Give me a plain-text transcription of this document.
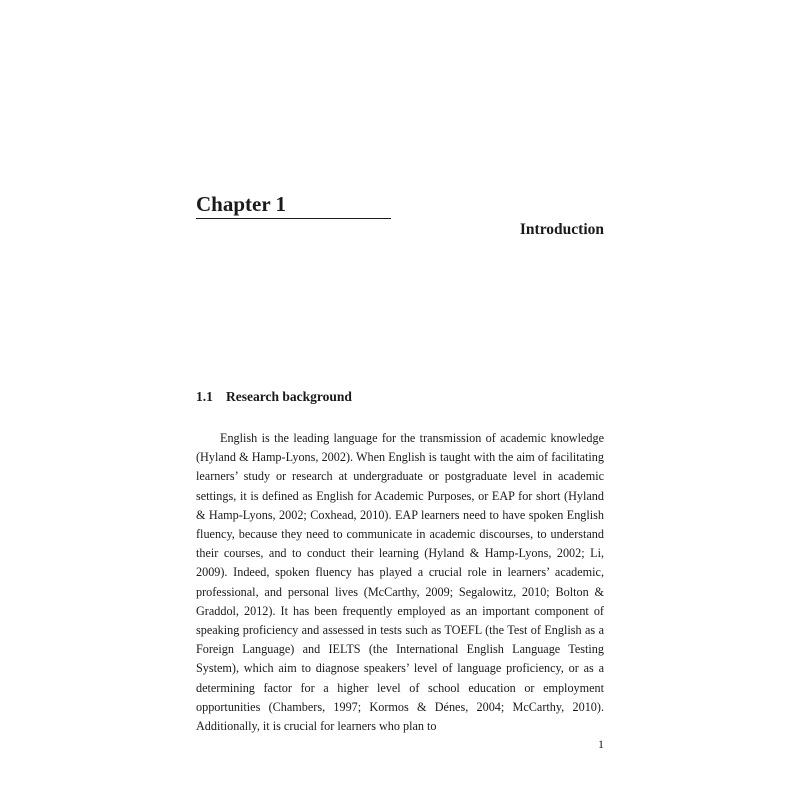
Chapter 1
Introduction
1.1 Research background

English is the leading language for the transmission of academic knowledge (Hyland & Hamp-Lyons, 2002). When English is taught with the aim of facilitating learners’ study or research at undergraduate or postgraduate level in academic settings, it is defined as English for Academic Purposes, or EAP for short (Hyland & Hamp-Lyons, 2002; Coxhead, 2010). EAP learners need to have spoken English fluency, because they need to communicate in academic discourses, to understand their courses, and to conduct their learning (Hyland & Hamp-Lyons, 2002; Li, 2009). Indeed, spoken fluency has played a crucial role in learners’ academic, professional, and personal lives (McCarthy, 2009; Segalowitz, 2010; Bolton & Graddol, 2012). It has been frequently employed as an important component of speaking proficiency and assessed in tests such as TOEFL (the Test of English as a Foreign Language) and IELTS (the International English Language Testing System), which aim to diagnose speakers’ level of language proficiency, or as a determining factor for a higher level of school education or employment opportunities (Chambers, 1997; Kormos & Dénes, 2004; McCarthy, 2010). Additionally, it is crucial for learners who plan to

1
